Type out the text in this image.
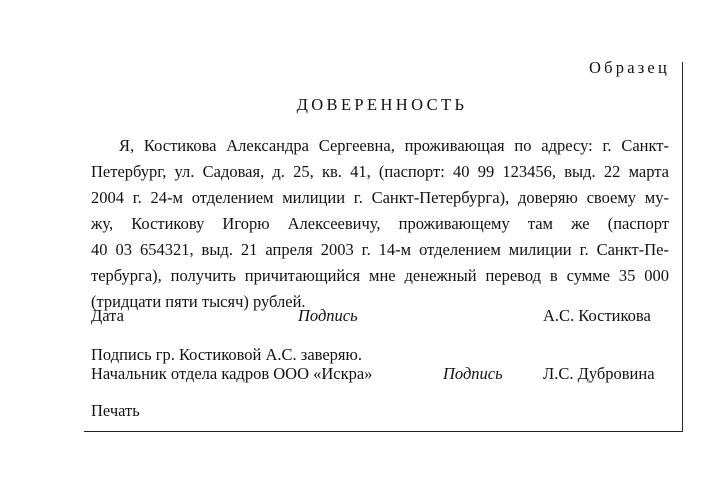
Образец
ДОВЕРЕННОСТЬ
Я, Костикова Александра Сергеевна, проживающая по адресу: г. Санкт-
Петербург, ул. Садовая, д. 25, кв. 41, (паспорт: 40 99 123456, выд. 22 марта
2004 г. 24-м отделением милиции г. Санкт-Петербурга), доверяю своему му-
жу, Костикову Игорю Алексеевичу, проживающему там же (паспорт
40 03 654321, выд. 21 апреля 2003 г. 14-м отделением милиции г. Санкт-Пе-
тербурга), получить причитающийся мне денежный перевод в сумме 35 000
(тридцати пяти тысяч) рублей.
Дата	Подпись	А.С. Костикова
Подпись гр. Костиковой А.С. заверяю.
Начальник отдела кадров ООО «Искра»	Подпись Л.С. Дубровина
Печать
